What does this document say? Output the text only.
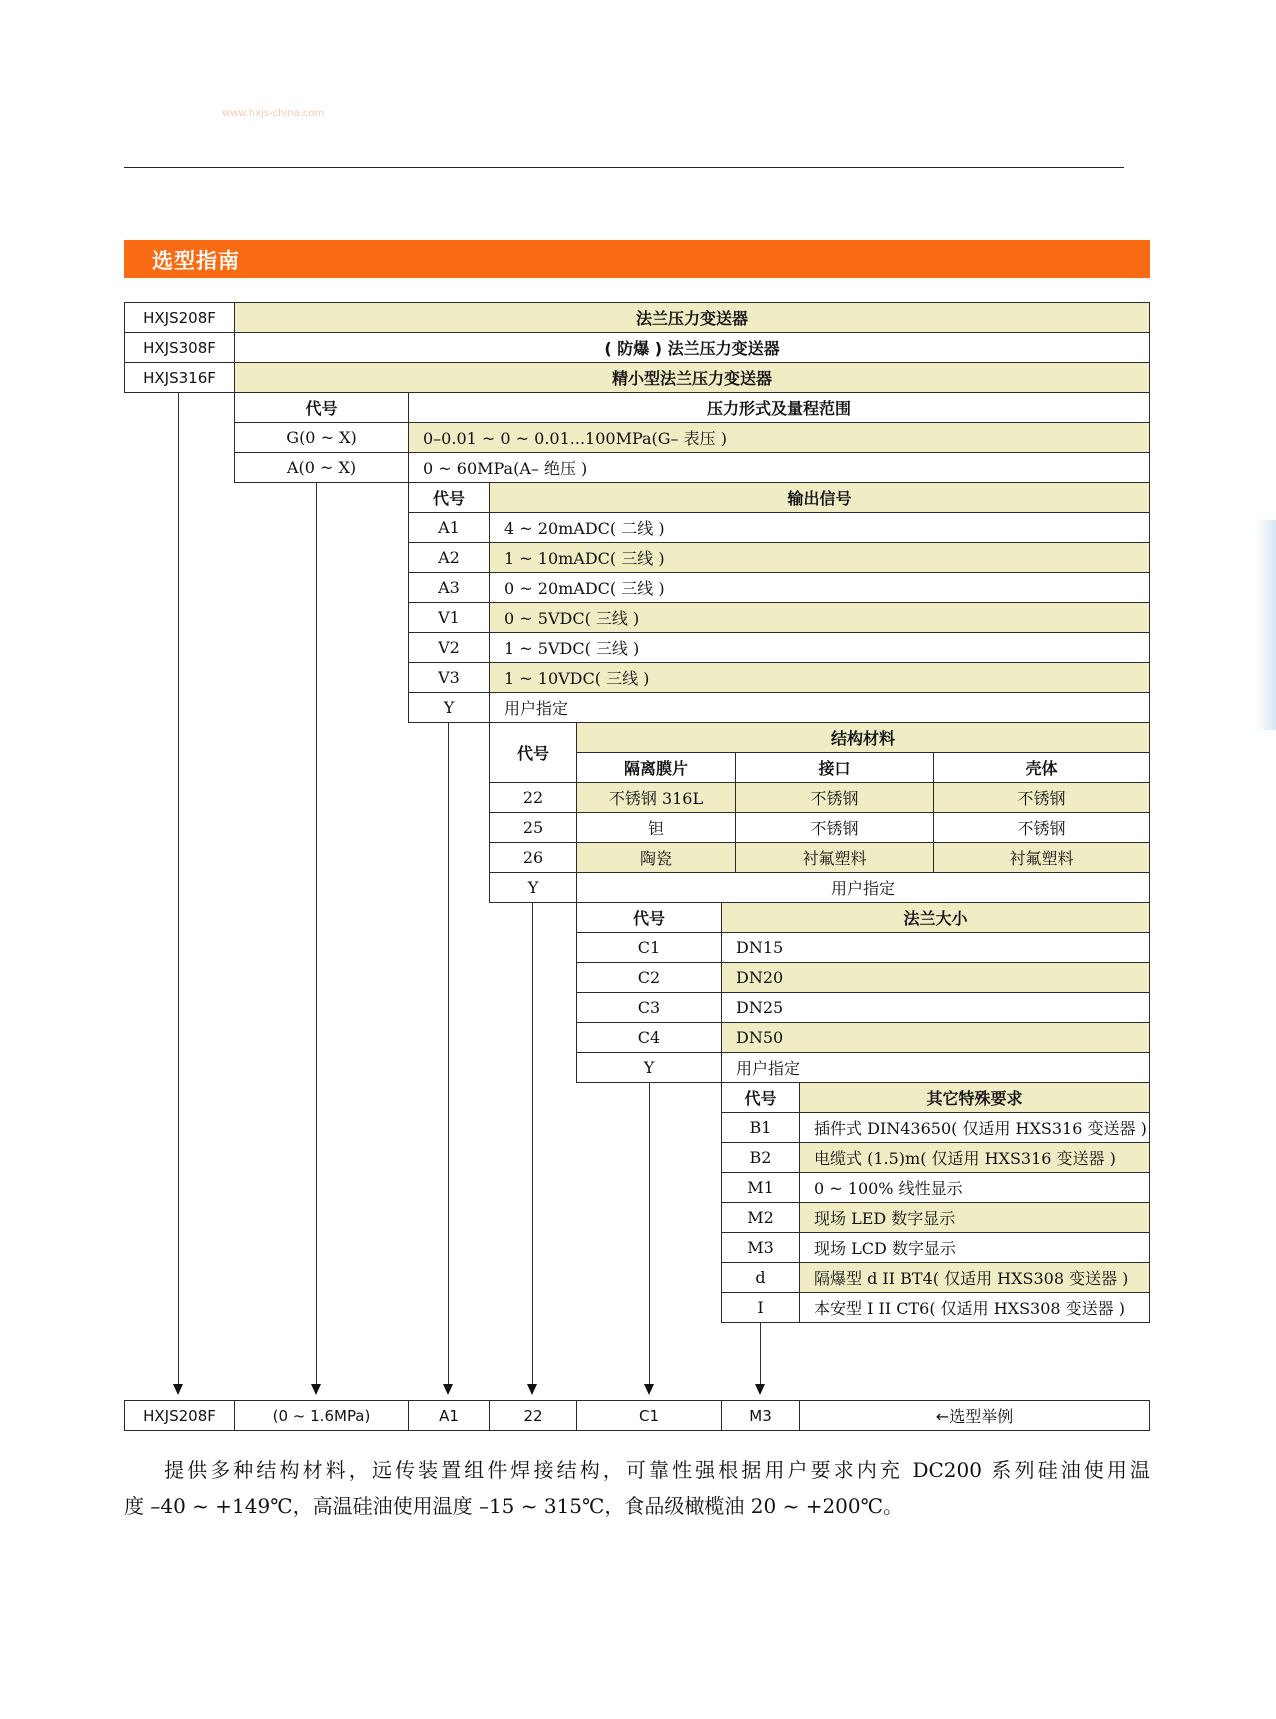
www.hxjs-china.com
选型指南
HXJS208F	法兰压力变送器
HXJS308F	( 防爆 ) 法兰压力变送器
HXJS316F	精小型法兰压力变送器
代号	压力形式及量程范围
G(0 ~ X)	0–0.01 ~ 0 ~ 0.01...100MPa(G– 表压 )
A(0 ~ X)	0 ~ 60MPa(A– 绝压 )
代号	输出信号
A1	4 ~ 20mADC( 二线 )
A2	1 ~ 10mADC( 三线 )
A3	0 ~ 20mADC( 三线 )
V1	0 ~ 5VDC( 三线 )
V2	1 ~ 5VDC( 三线 )
V3	1 ~ 10VDC( 三线 )
Y	用户指定
代号
结构材料
隔离膜片	接口	壳体
22	不锈钢 316L	不锈钢	不锈钢
25	钽	不锈钢	不锈钢
26	陶瓷	衬氟塑料	衬氟塑料
Y	用户指定
代号	法兰大小
C1	DN15
C2	DN20
C3	DN25
C4	DN50
Y	用户指定
代号	其它特殊要求
B1	插件式 DIN43650( 仅适用 HXS316 变送器 )
B2	电缆式 (1.5)m( 仅适用 HXS316 变送器 )
M1	0 ~ 100% 线性显示
M2	现场 LED 数字显示
M3	现场 LCD 数字显示
d	隔爆型 d II BT4( 仅适用 HXS308 变送器 )
I	本安型 I II CT6( 仅适用 HXS308 变送器 )
HXJS208F	(0 ~ 1.6MPa)	A1	22	C1	M3	←选型举例

提供多种结构材料，远传装置组件焊接结构，可靠性强根据用户要求内充 DC200 系列硅油使用温

度 –40 ~ +149℃，高温硅油使用温度 –15 ~ 315℃，食品级橄榄油 20 ~ +200℃。
